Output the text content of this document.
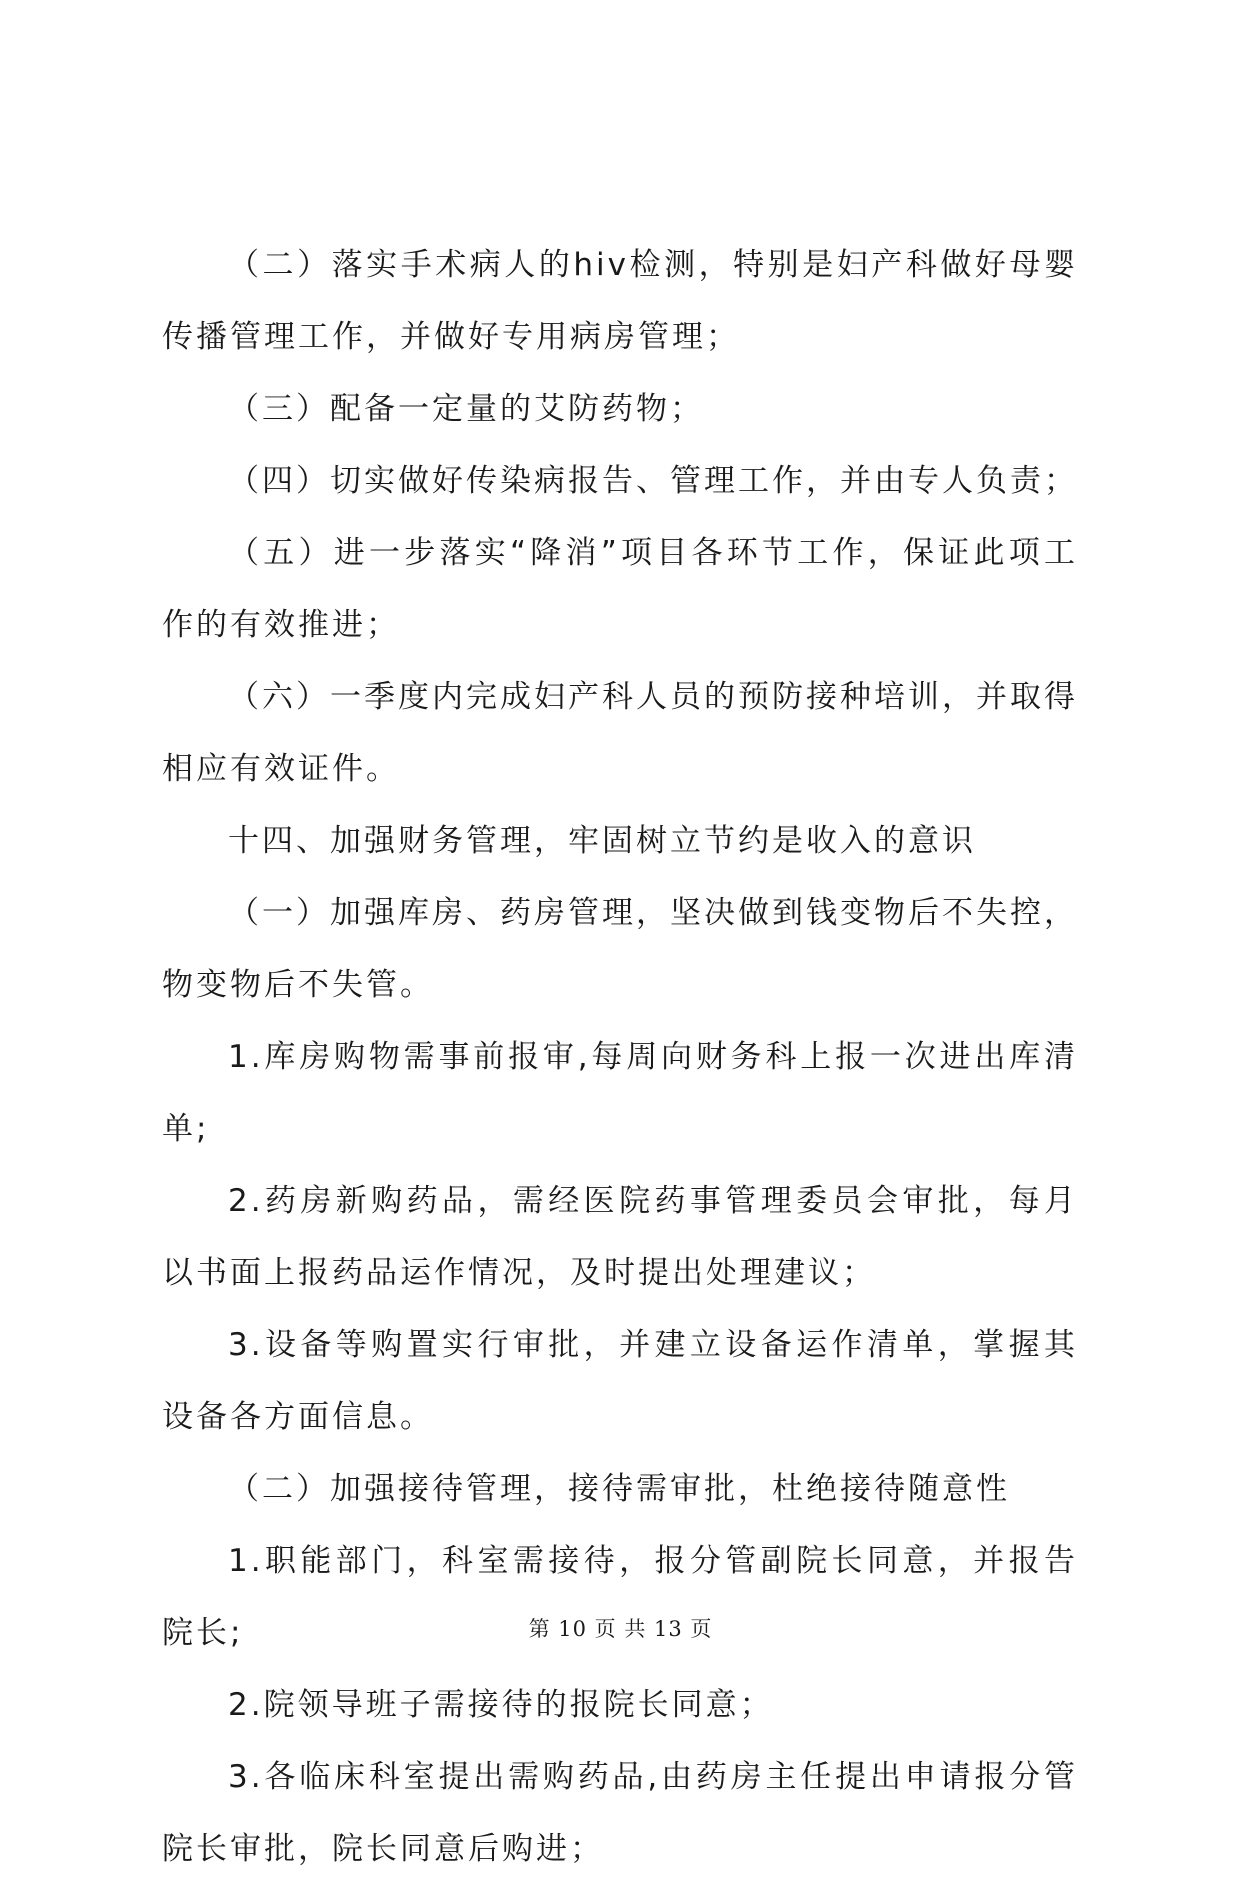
（二）落实手术病人的hiv检测，特别是妇产科做好母婴传播管理工作，并做好专用病房管理；

（三）配备一定量的艾防药物；

（四）切实做好传染病报告、管理工作，并由专人负责；

（五）进一步落实“降消”项目各环节工作，保证此项工作的有效推进；

（六）一季度内完成妇产科人员的预防接种培训，并取得相应有效证件。

十四、加强财务管理，牢固树立节约是收入的意识

（一）加强库房、药房管理，坚决做到钱变物后不失控，物变物后不失管。

1.库房购物需事前报审,每周向财务科上报一次进出库清单;

2.药房新购药品，需经医院药事管理委员会审批，每月以书面上报药品运作情况，及时提出处理建议；

3.设备等购置实行审批，并建立设备运作清单，掌握其设备各方面信息。

（二）加强接待管理，接待需审批，杜绝接待随意性

1.职能部门，科室需接待，报分管副院长同意，并报告院长;

2.院领导班子需接待的报院长同意；

3.各临床科室提出需购药品,由药房主任提出申请报分管院长审批，院长同意后购进；

第 10 页 共 13 页
